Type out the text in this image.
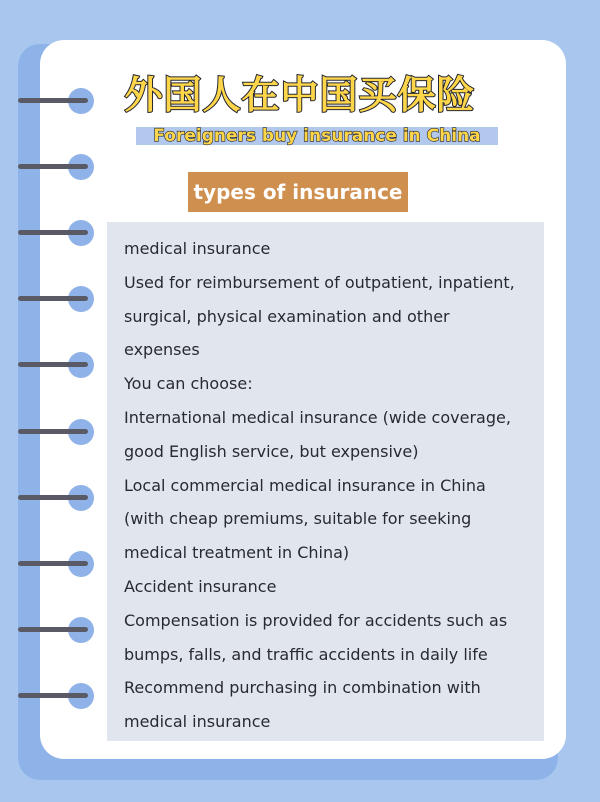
外国人在中国买保险
Foreigners buy insurance in China
types of insurance
medical insurance
Used for reimbursement of outpatient, inpatient,
surgical, physical examination and other
expenses
You can choose:
International medical insurance (wide coverage,
good English service, but expensive)
Local commercial medical insurance in China
(with cheap premiums, suitable for seeking
medical treatment in China)
Accident insurance
Compensation is provided for accidents such as
bumps, falls, and traffic accidents in daily life
Recommend purchasing in combination with
medical insurance
